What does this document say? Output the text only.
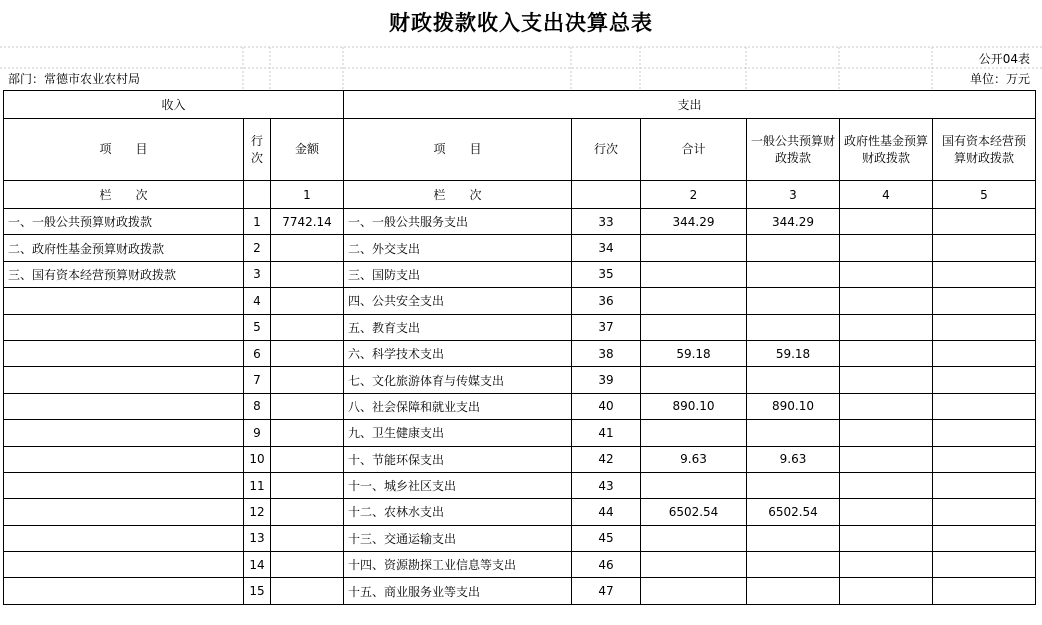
财政拨款收入支出决算总表
公开04表
部门：常德市农业农村局	单位：万元
收入			支出					
项　　目	行次	金额	项　　目	行次	合计	一般公共预算财政拨款	政府性基金预算财政拨款	国有资本经营预算财政拨款
栏　　次		1	栏　　次		2	3	4	5
一、一般公共预算财政拨款	1	7742.14	一、一般公共服务支出	33	344.29	344.29		
二、政府性基金预算财政拨款	2		二、外交支出	34				
三、国有资本经营预算财政拨款	3		三、国防支出	35				
	4		四、公共安全支出	36				
	5		五、教育支出	37				
	6		六、科学技术支出	38	59.18	59.18		
	7		七、文化旅游体育与传媒支出	39				
	8		八、社会保障和就业支出	40	890.10	890.10		
	9		九、卫生健康支出	41				
	10		十、节能环保支出	42	9.63	9.63		
	11		十一、城乡社区支出	43				
	12		十二、农林水支出	44	6502.54	6502.54		
	13		十三、交通运输支出	45				
	14		十四、资源勘探工业信息等支出	46				
	15		十五、商业服务业等支出	47				
